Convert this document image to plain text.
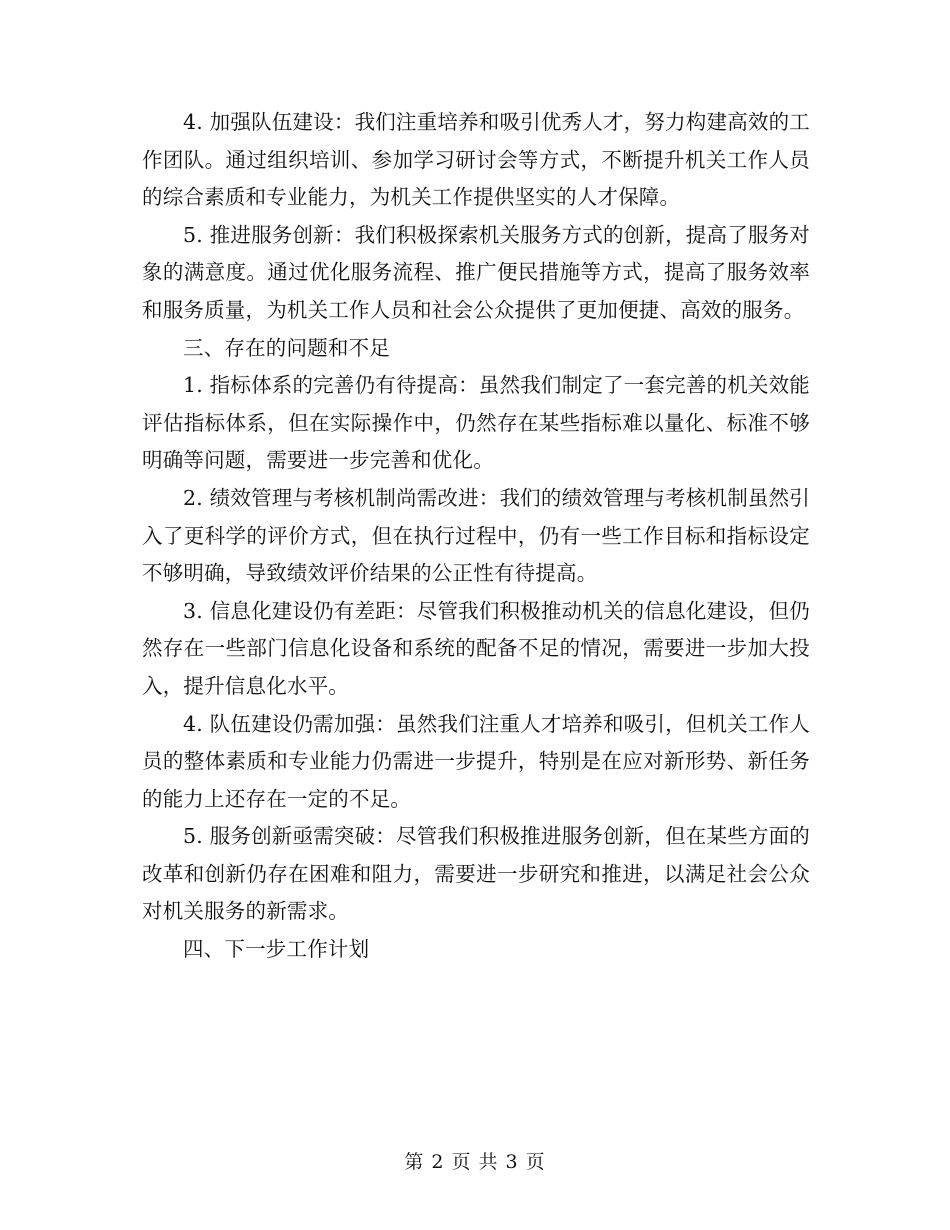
4. 加强队伍建设：我们注重培养和吸引优秀人才，努力构建高效的工作团队。通过组织培训、参加学习研讨会等方式，不断提升机关工作人员的综合素质和专业能力，为机关工作提供坚实的人才保障。

5. 推进服务创新：我们积极探索机关服务方式的创新，提高了服务对象的满意度。通过优化服务流程、推广便民措施等方式，提高了服务效率和服务质量，为机关工作人员和社会公众提供了更加便捷、高效的服务。

三、存在的问题和不足

1. 指标体系的完善仍有待提高：虽然我们制定了一套完善的机关效能评估指标体系，但在实际操作中，仍然存在某些指标难以量化、标准不够明确等问题，需要进一步完善和优化。

2. 绩效管理与考核机制尚需改进：我们的绩效管理与考核机制虽然引入了更科学的评价方式，但在执行过程中，仍有一些工作目标和指标设定不够明确，导致绩效评价结果的公正性有待提高。

3. 信息化建设仍有差距：尽管我们积极推动机关的信息化建设，但仍然存在一些部门信息化设备和系统的配备不足的情况，需要进一步加大投入，提升信息化水平。

4. 队伍建设仍需加强：虽然我们注重人才培养和吸引，但机关工作人员的整体素质和专业能力仍需进一步提升，特别是在应对新形势、新任务的能力上还存在一定的不足。

5. 服务创新亟需突破：尽管我们积极推进服务创新，但在某些方面的改革和创新仍存在困难和阻力，需要进一步研究和推进，以满足社会公众对机关服务的新需求。

四、下一步工作计划

第 2 页 共 3 页
